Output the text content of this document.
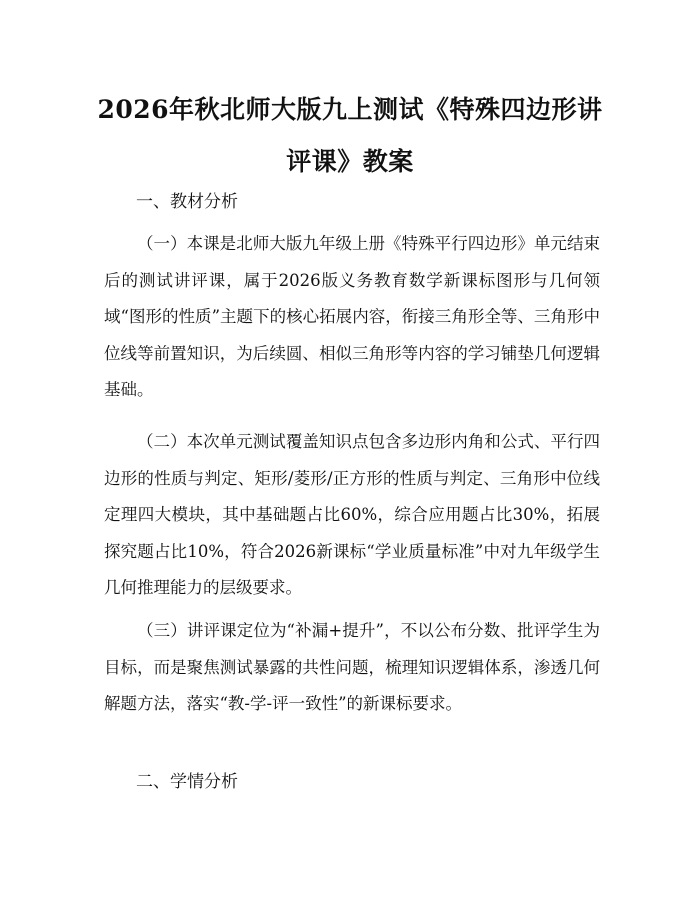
2026年秋北师大版九上测试《特殊四边形讲评课》教案

一、教材分析

（一）本课是北师大版九年级上册《特殊平行四边形》单元结束后的测试讲评课，属于2026版义务教育数学新课标图形与几何领域“图形的性质”主题下的核心拓展内容，衔接三角形全等、三角形中位线等前置知识，为后续圆、相似三角形等内容的学习铺垫几何逻辑基础。

（二）本次单元测试覆盖知识点包含多边形内角和公式、平行四边形的性质与判定、矩形/菱形/正方形的性质与判定、三角形中位线定理四大模块，其中基础题占比60%，综合应用题占比30%，拓展探究题占比10%，符合2026新课标“学业质量标准”中对九年级学生几何推理能力的层级要求。

（三）讲评课定位为“补漏+提升”，不以公布分数、批评学生为目标，而是聚焦测试暴露的共性问题，梳理知识逻辑体系，渗透几何解题方法，落实“教-学-评一致性”的新课标要求。

二、学情分析
